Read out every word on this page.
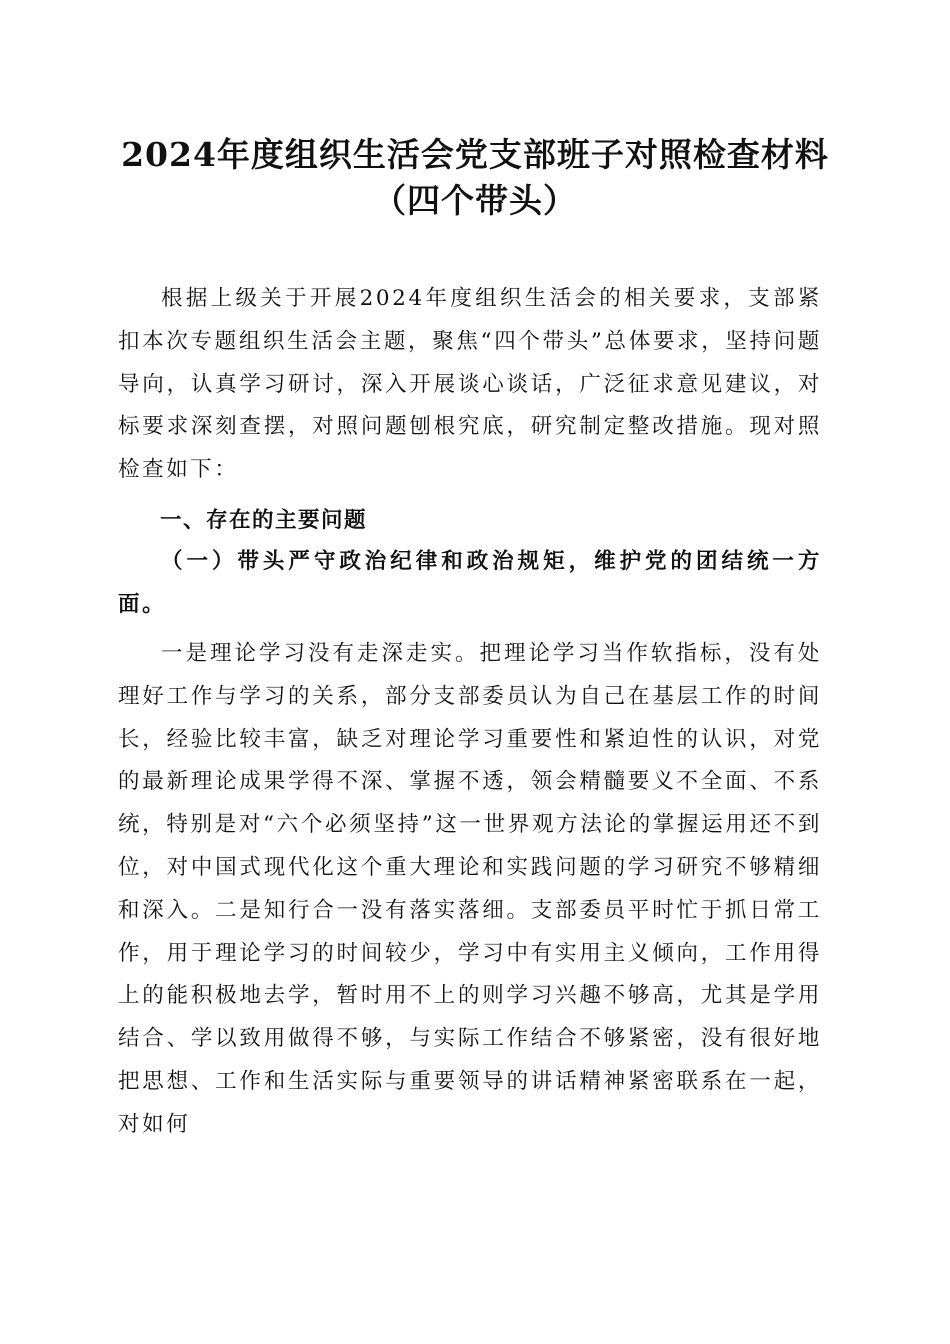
2024年度组织生活会党支部班子对照检查材料（四个带头）

根据上级关于开展2024年度组织生活会的相关要求，支部紧扣本次专题组织生活会主题，聚焦“四个带头”总体要求，坚持问题导向，认真学习研讨，深入开展谈心谈话，广泛征求意见建议，对标要求深刻查摆，对照问题刨根究底，研究制定整改措施。现对照检查如下：

一、存在的主要问题
（一）带头严守政治纪律和政治规矩，维护党的团结统一方面。

一是理论学习没有走深走实。把理论学习当作软指标，没有处理好工作与学习的关系，部分支部委员认为自己在基层工作的时间长，经验比较丰富，缺乏对理论学习重要性和紧迫性的认识，对党的最新理论成果学得不深、掌握不透，领会精髓要义不全面、不系统，特别是对“六个必须坚持”这一世界观方法论的掌握运用还不到位，对中国式现代化这个重大理论和实践问题的学习研究不够精细和深入。二是知行合一没有落实落细。支部委员平时忙于抓日常工作，用于理论学习的时间较少，学习中有实用主义倾向，工作用得上的能积极地去学，暂时用不上的则学习兴趣不够高，尤其是学用结合、学以致用做得不够，与实际工作结合不够紧密，没有很好地把思想、工作和生活实际与重要领导的讲话精神紧密联系在一起，对如何
